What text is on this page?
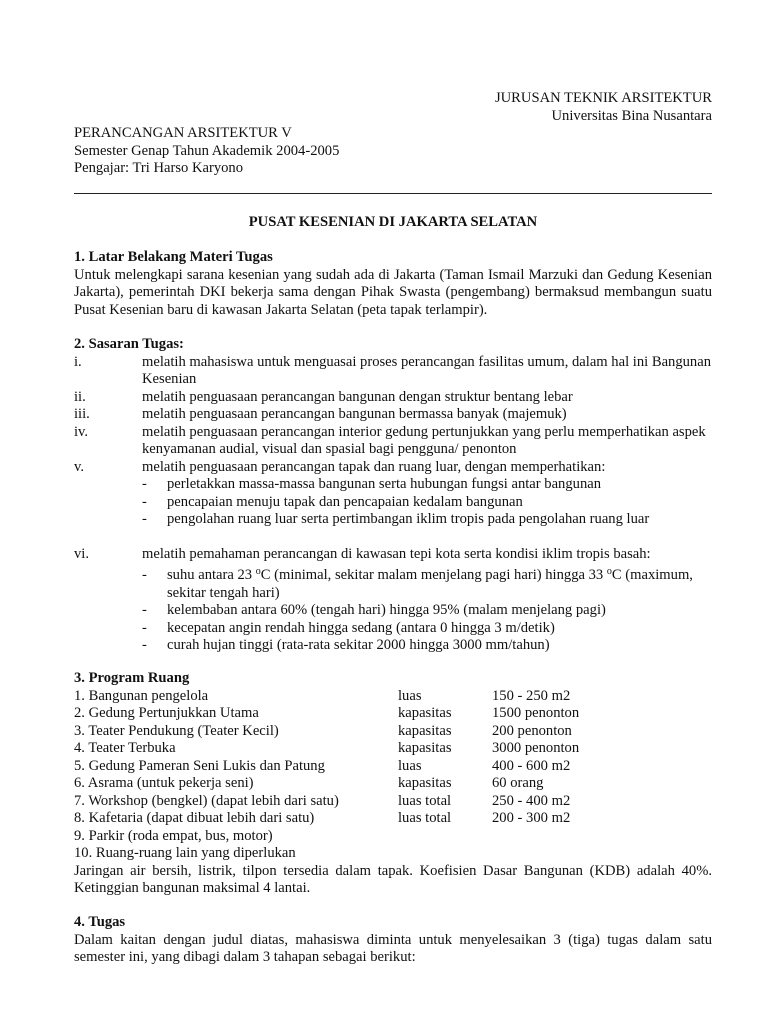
JURUSAN TEKNIK ARSITEKTUR
Universitas Bina Nusantara
PERANCANGAN ARSITEKTUR V
Semester Genap Tahun Akademik 2004-2005
Pengajar: Tri Harso Karyono
PUSAT KESENIAN DI JAKARTA SELATAN
1. Latar Belakang Materi Tugas
Untuk melengkapi sarana kesenian yang sudah ada di Jakarta (Taman Ismail Marzuki dan Gedung Kesenian Jakarta), pemerintah DKI bekerja sama dengan Pihak Swasta (pengembang) bermaksud membangun suatu Pusat Kesenian baru di kawasan Jakarta Selatan (peta tapak terlampir).
2. Sasaran Tugas:
i.	melatih mahasiswa untuk menguasai proses perancangan fasilitas umum, dalam hal ini Bangunan Kesenian
ii.	melatih penguasaan perancangan bangunan dengan struktur bentang lebar
iii.	melatih penguasaan perancangan bangunan bermassa banyak (majemuk)
iv.	melatih penguasaan perancangan interior gedung pertunjukkan yang perlu memperhatikan aspek kenyamanan audial, visual dan spasial bagi pengguna/ penonton
v.	melatih penguasaan perancangan tapak dan ruang luar, dengan memperhatikan:
-	perletakkan massa-massa bangunan serta hubungan fungsi antar bangunan
-	pencapaian menuju tapak dan pencapaian kedalam bangunan
-	pengolahan ruang luar serta pertimbangan iklim tropis pada pengolahan ruang luar
vi.	melatih pemahaman perancangan di kawasan tepi kota serta kondisi iklim tropis basah:
-	suhu antara 23 $^o$C (minimal, sekitar malam menjelang pagi hari) hingga 33 $^o$C (maximum, sekitar tengah hari)
-	kelembaban antara 60% (tengah hari) hingga 95% (malam menjelang pagi)
-	kecepatan angin rendah hingga sedang (antara 0 hingga 3 m/detik)
-	curah hujan tinggi (rata-rata sekitar 2000 hingga 3000 mm/tahun)
3. Program Ruang
1. Bangunan pengelola	luas	150 - 250 m2
2. Gedung Pertunjukkan Utama	kapasitas	1500 penonton
3. Teater Pendukung (Teater Kecil)	kapasitas	200 penonton
4. Teater Terbuka	kapasitas	3000 penonton
5. Gedung Pameran Seni Lukis dan Patung	luas	400 - 600 m2
6. Asrama (untuk pekerja seni)	kapasitas	60 orang
7. Workshop (bengkel) (dapat lebih dari satu)	luas total	250 - 400 m2
8. Kafetaria (dapat dibuat lebih dari satu)	luas total	200 - 300 m2
9. Parkir (roda empat, bus, motor)
10. Ruang-ruang lain yang diperlukan
Jaringan air bersih, listrik, tilpon tersedia dalam tapak. Koefisien Dasar Bangunan (KDB) adalah 40%. Ketinggian bangunan maksimal 4 lantai.
4. Tugas
Dalam kaitan dengan judul diatas, mahasiswa diminta untuk menyelesaikan 3 (tiga) tugas dalam satu semester ini, yang dibagi dalam 3 tahapan sebagai berikut:
